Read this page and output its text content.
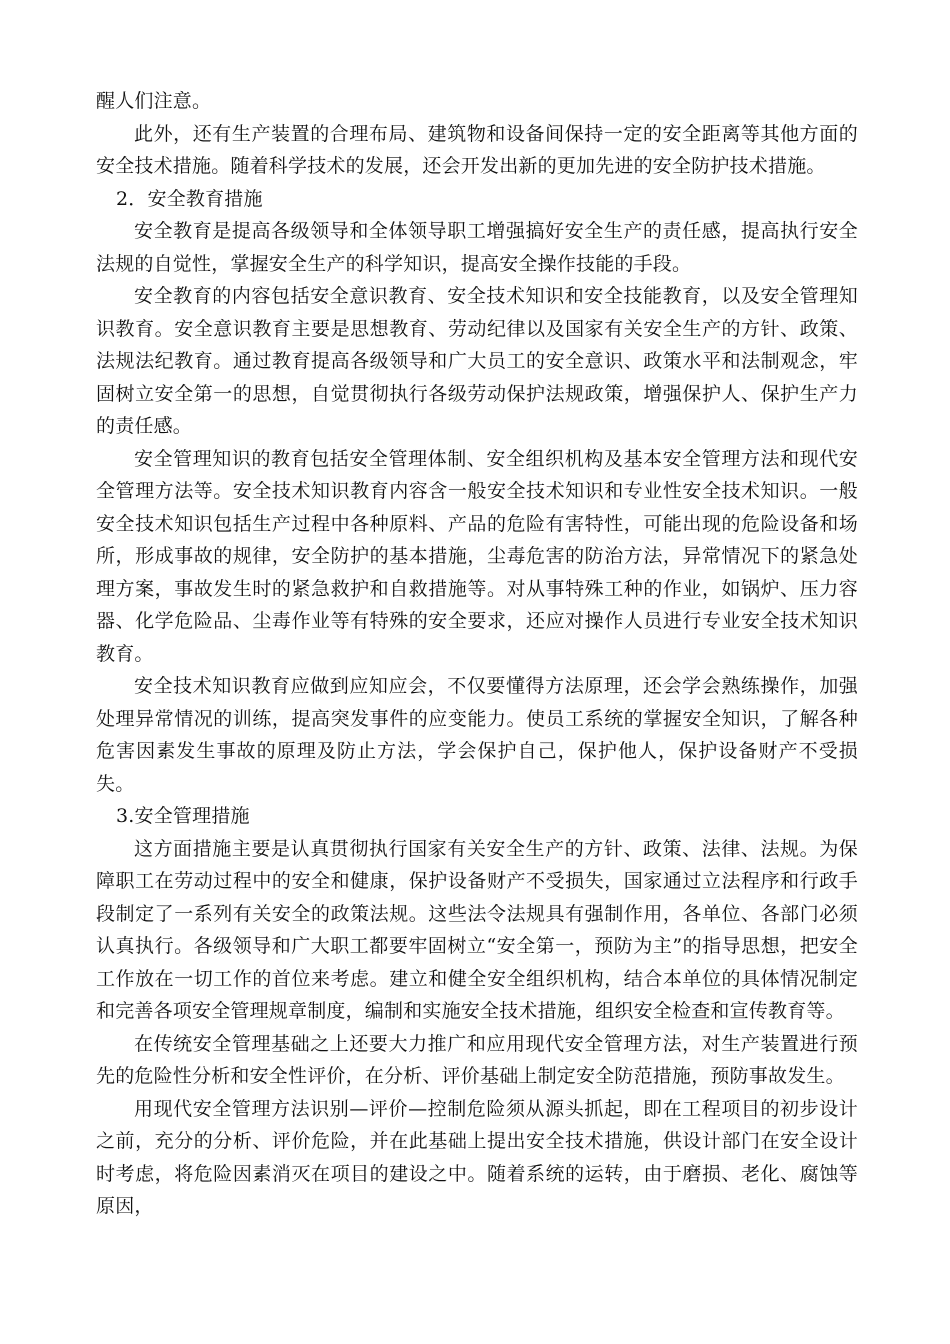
醒人们注意。

此外，还有生产装置的合理布局、建筑物和设备间保持一定的安全距离等其他方面的安全技术措施。随着科学技术的发展，还会开发出新的更加先进的安全防护技术措施。

2．安全教育措施

安全教育是提高各级领导和全体领导职工增强搞好安全生产的责任感，提高执行安全法规的自觉性，掌握安全生产的科学知识，提高安全操作技能的手段。

安全教育的内容包括安全意识教育、安全技术知识和安全技能教育，以及安全管理知识教育。安全意识教育主要是思想教育、劳动纪律以及国家有关安全生产的方针、政策、法规法纪教育。通过教育提高各级领导和广大员工的安全意识、政策水平和法制观念，牢固树立安全第一的思想，自觉贯彻执行各级劳动保护法规政策，增强保护人、保护生产力的责任感。

安全管理知识的教育包括安全管理体制、安全组织机构及基本安全管理方法和现代安全管理方法等。安全技术知识教育内容含一般安全技术知识和专业性安全技术知识。一般安全技术知识包括生产过程中各种原料、产品的危险有害特性，可能出现的危险设备和场所，形成事故的规律，安全防护的基本措施，尘毒危害的防治方法，异常情况下的紧急处理方案，事故发生时的紧急救护和自救措施等。对从事特殊工种的作业，如锅炉、压力容器、化学危险品、尘毒作业等有特殊的安全要求，还应对操作人员进行专业安全技术知识教育。

安全技术知识教育应做到应知应会，不仅要懂得方法原理，还会学会熟练操作，加强处理异常情况的训练，提高突发事件的应变能力。使员工系统的掌握安全知识，了解各种危害因素发生事故的原理及防止方法，学会保护自己，保护他人，保护设备财产不受损失。

3.安全管理措施

这方面措施主要是认真贯彻执行国家有关安全生产的方针、政策、法律、法规。为保障职工在劳动过程中的安全和健康，保护设备财产不受损失，国家通过立法程序和行政手段制定了一系列有关安全的政策法规。这些法令法规具有强制作用，各单位、各部门必须认真执行。各级领导和广大职工都要牢固树立“安全第一，预防为主”的指导思想，把安全工作放在一切工作的首位来考虑。建立和健全安全组织机构，结合本单位的具体情况制定和完善各项安全管理规章制度，编制和实施安全技术措施，组织安全检查和宣传教育等。

在传统安全管理基础之上还要大力推广和应用现代安全管理方法，对生产装置进行预先的危险性分析和安全性评价，在分析、评价基础上制定安全防范措施，预防事故发生。

用现代安全管理方法识别—评价—控制危险须从源头抓起，即在工程项目的初步设计之前，充分的分析、评价危险，并在此基础上提出安全技术措施，供设计部门在安全设计时考虑，将危险因素消灭在项目的建设之中。随着系统的运转，由于磨损、老化、腐蚀等原因，
